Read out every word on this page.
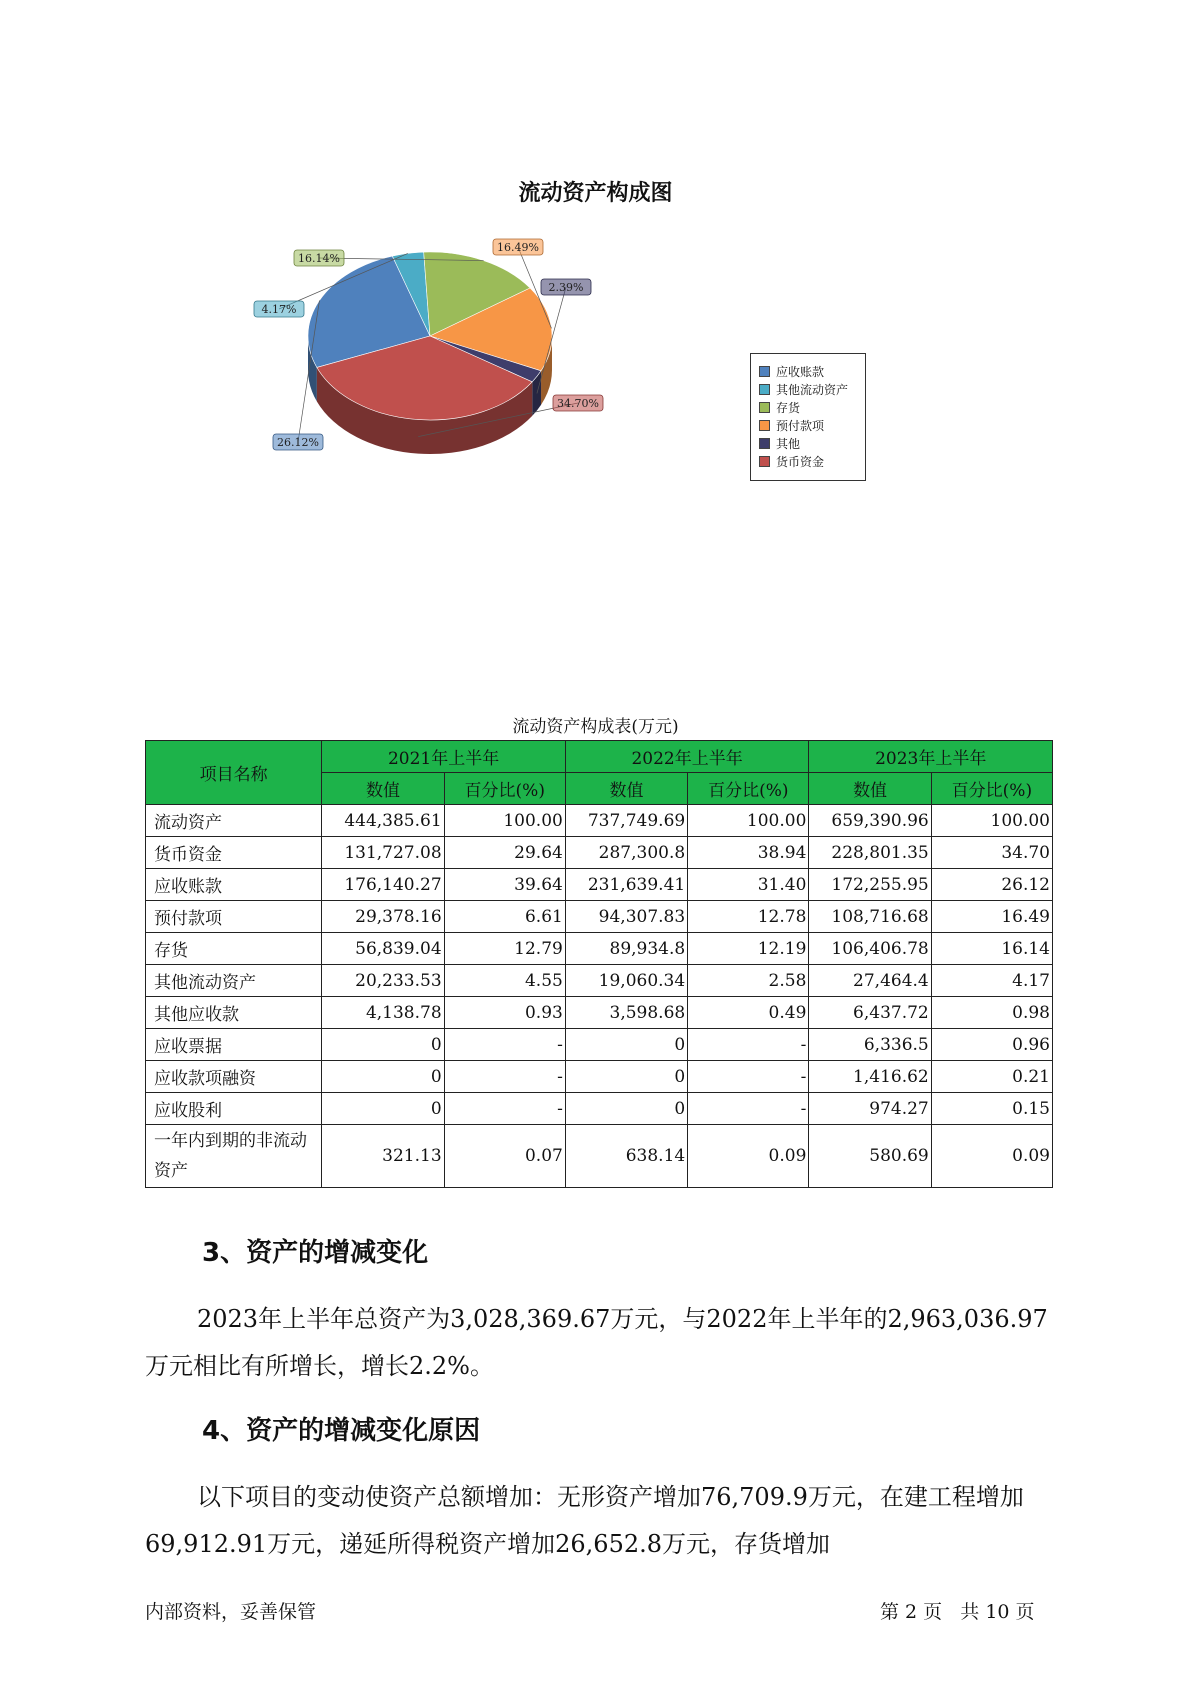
流动资产构成图
26.12%
4.17%
16.14%
16.49%
2.39%
34.70%
应收账款
其他流动资产
存货
预付款项
其他
货币资金
流动资产构成表(万元)
项目名称	2021年上半年		2022年上半年		2023年上半年	
	数值	百分比(%)	数值	百分比(%)	数值	百分比(%)
流动资产	444,385.61	100.00	737,749.69	100.00	659,390.96	100.00
货币资金	131,727.08	29.64	287,300.8	38.94	228,801.35	34.70
应收账款	176,140.27	39.64	231,639.41	31.40	172,255.95	26.12
预付款项	29,378.16	6.61	94,307.83	12.78	108,716.68	16.49
存货	56,839.04	12.79	89,934.8	12.19	106,406.78	16.14
其他流动资产	20,233.53	4.55	19,060.34	2.58	27,464.4	4.17
其他应收款	4,138.78	0.93	3,598.68	0.49	6,437.72	0.98
应收票据	0	-	0	-	6,336.5	0.96
应收款项融资	0	-	0	-	1,416.62	0.21
应收股利	0	-	0	-	974.27	0.15
一年内到期的非流动资产	321.13	0.07	638.14	0.09	580.69	0.09
3、资产的增减变化

2023年上半年总资产为3,028,369.67万元，与2022年上半年的2,963,036.97万元相比有所增长，增长2.2%。

4、资产的增减变化原因

以下项目的变动使资产总额增加：无形资产增加76,709.9万元，在建工程增加69,912.91万元，递延所得税资产增加26,652.8万元，存货增加

内部资料，妥善保管	第 2 页   共 10 页
